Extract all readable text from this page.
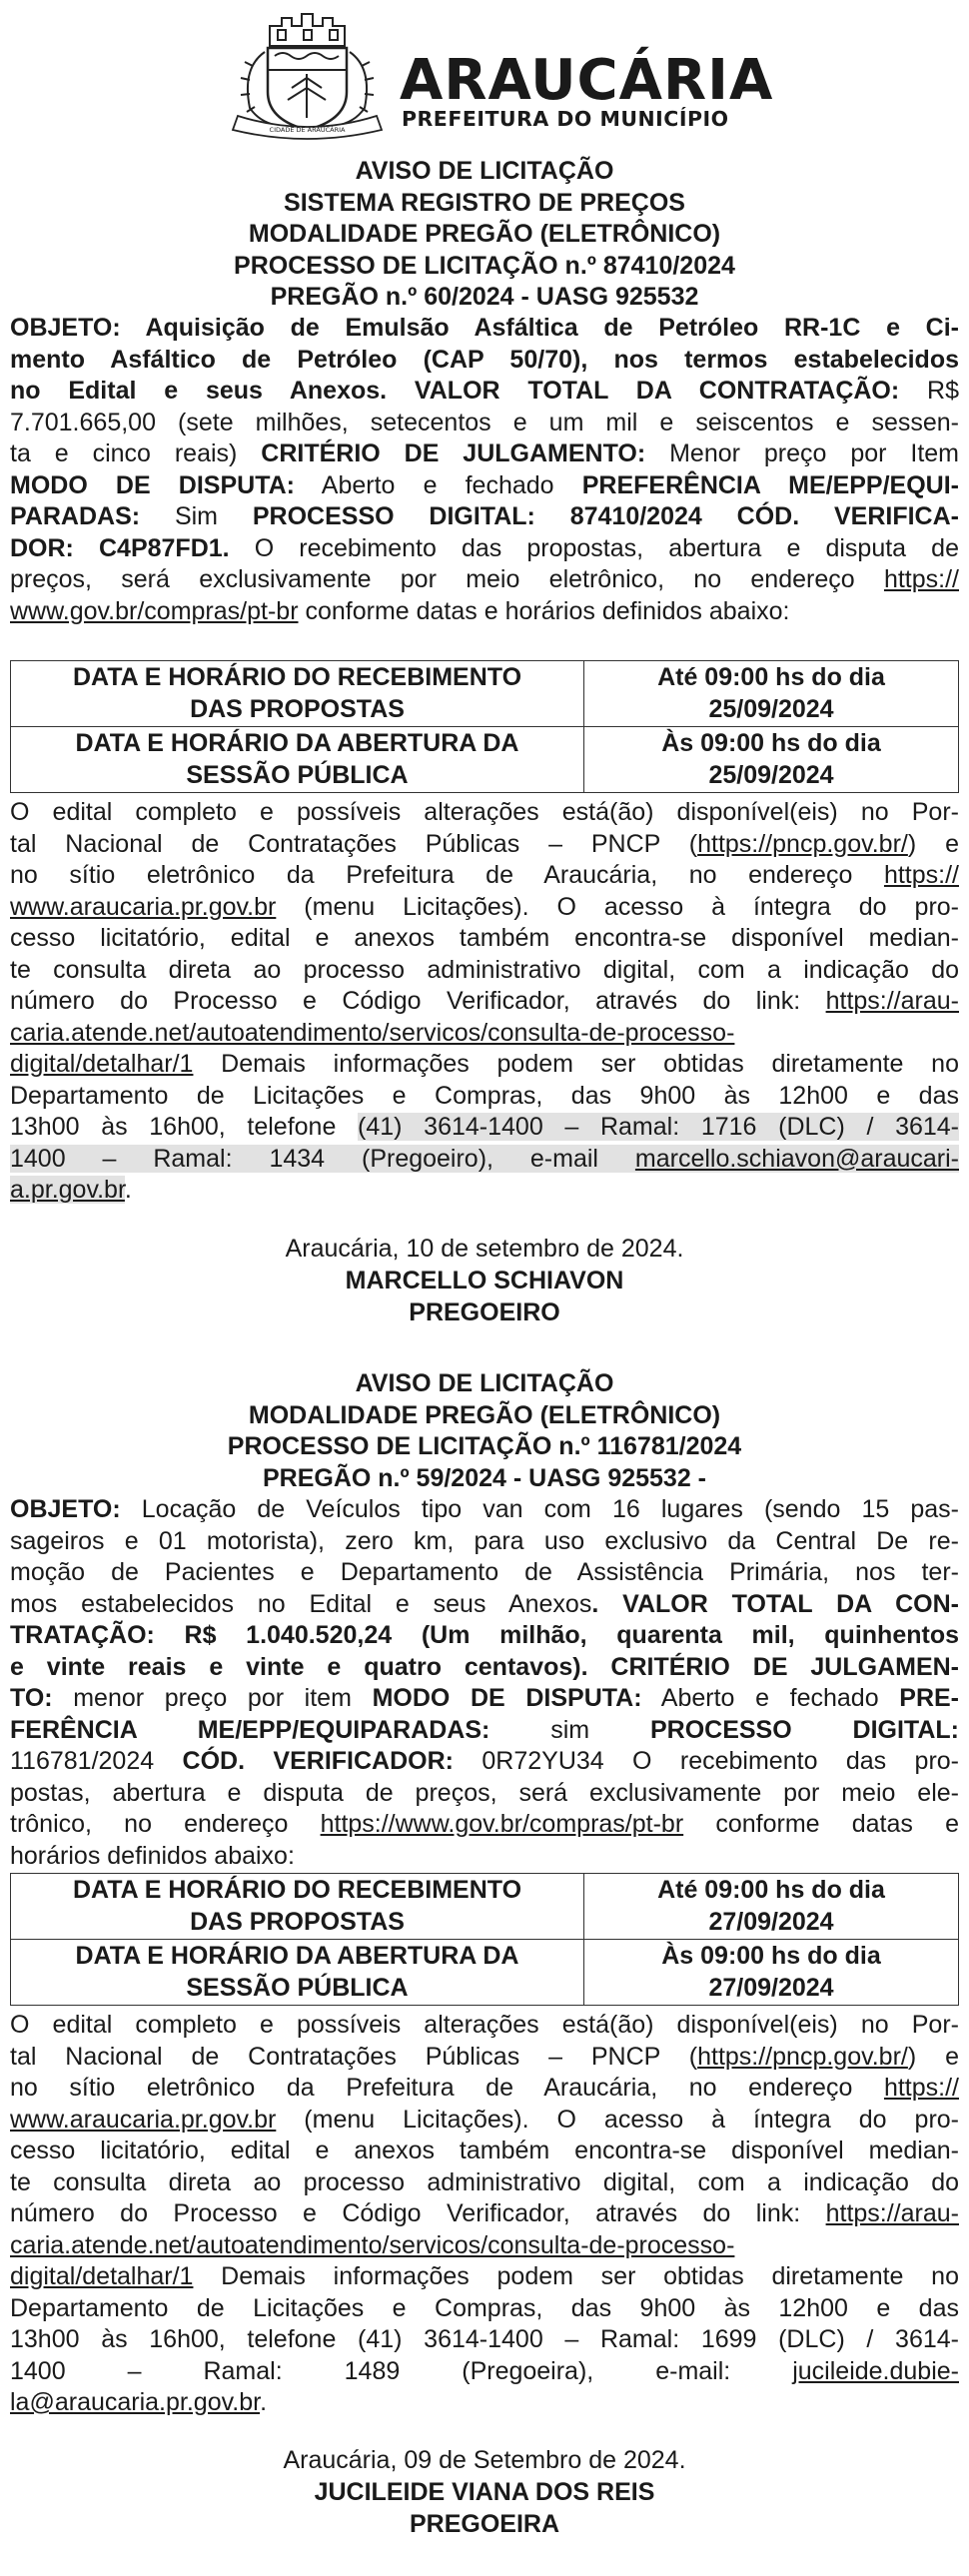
CIDADE DE ARAUCÁRIA
ARAUCÁRIA
PREFEITURA DO MUNICÍPIO
AVISO DE LICITAÇÃO
SISTEMA REGISTRO DE PREÇOS
MODALIDADE PREGÃO (ELETRÔNICO)
PROCESSO DE LICITAÇÃO n.º 87410/2024
PREGÃO n.º 60/2024 - UASG 925532
OBJETO: Aquisição de Emulsão Asfáltica de Petróleo RR-1C e Ci-
mento Asfáltico de Petróleo (CAP 50/70), nos termos estabelecidos
no Edital e seus Anexos. VALOR TOTAL DA CONTRATAÇÃO: R$
7.701.665,00 (sete milhões, setecentos e um mil e seiscentos e sessen-
ta e cinco reais) CRITÉRIO DE JULGAMENTO: Menor preço por Item
MODO DE DISPUTA: Aberto e fechado PREFERÊNCIA ME/EPP/EQUI-
PARADAS: Sim PROCESSO DIGITAL: 87410/2024 CÓD. VERIFICA-
DOR: C4P87FD1. O recebimento das propostas, abertura e disputa de
preços, será exclusivamente por meio eletrônico, no endereço https://
www.gov.br/compras/pt-br conforme datas e horários definidos abaixo:
DATA E HORÁRIO DO RECEBIMENTO
DAS PROPOSTAS	Até 09:00 hs do dia
25/09/2024
DATA E HORÁRIO DA ABERTURA DA
SESSÃO PÚBLICA	Às 09:00 hs do dia
25/09/2024
O edital completo e possíveis alterações está(ão) disponível(eis) no Por-
tal Nacional de Contratações Públicas – PNCP (https://pncp.gov.br/) e
no sítio eletrônico da Prefeitura de Araucária, no endereço https://
www.araucaria.pr.gov.br (menu Licitações). O acesso à íntegra do pro-
cesso licitatório, edital e anexos também encontra-se disponível median-
te consulta direta ao processo administrativo digital, com a indicação do
número do Processo e Código Verificador, através do link: https://arau-
caria.atende.net/autoatendimento/servicos/consulta-de-processo-
digital/detalhar/1 Demais informações podem ser obtidas diretamente no
Departamento de Licitações e Compras, das 9h00 às 12h00 e das
13h00 às 16h00, telefone (41) 3614-1400 – Ramal: 1716 (DLC) / 3614-
1400 – Ramal: 1434 (Pregoeiro), e-mail marcello.schiavon@araucari-
a.pr.gov.br.
Araucária, 10 de setembro de 2024.
MARCELLO SCHIAVON
PREGOEIRO
AVISO DE LICITAÇÃO
MODALIDADE PREGÃO (ELETRÔNICO)
PROCESSO DE LICITAÇÃO n.º 116781/2024
PREGÃO n.º 59/2024 - UASG 925532 -
OBJETO: Locação de Veículos tipo van com 16 lugares (sendo 15 pas-
sageiros e 01 motorista), zero km, para uso exclusivo da Central De re-
moção de Pacientes e Departamento de Assistência Primária, nos ter-
mos estabelecidos no Edital e seus Anexos. VALOR TOTAL DA CON-
TRATAÇÃO: R$ 1.040.520,24 (Um milhão, quarenta mil, quinhentos
e vinte reais e vinte e quatro centavos). CRITÉRIO DE JULGAMEN-
TO: menor preço por item MODO DE DISPUTA: Aberto e fechado PRE-
FERÊNCIA ME/EPP/EQUIPARADAS: sim PROCESSO DIGITAL:
116781/2024 CÓD. VERIFICADOR: 0R72YU34 O recebimento das pro-
postas, abertura e disputa de preços, será exclusivamente por meio ele-
trônico, no endereço https://www.gov.br/compras/pt-br conforme datas e
horários definidos abaixo:
DATA E HORÁRIO DO RECEBIMENTO
DAS PROPOSTAS	Até 09:00 hs do dia
27/09/2024
DATA E HORÁRIO DA ABERTURA DA
SESSÃO PÚBLICA	Às 09:00 hs do dia
27/09/2024
O edital completo e possíveis alterações está(ão) disponível(eis) no Por-
tal Nacional de Contratações Públicas – PNCP (https://pncp.gov.br/) e
no sítio eletrônico da Prefeitura de Araucária, no endereço https://
www.araucaria.pr.gov.br (menu Licitações). O acesso à íntegra do pro-
cesso licitatório, edital e anexos também encontra-se disponível median-
te consulta direta ao processo administrativo digital, com a indicação do
número do Processo e Código Verificador, através do link: https://arau-
caria.atende.net/autoatendimento/servicos/consulta-de-processo-
digital/detalhar/1 Demais informações podem ser obtidas diretamente no
Departamento de Licitações e Compras, das 9h00 às 12h00 e das
13h00 às 16h00, telefone (41) 3614-1400 – Ramal: 1699 (DLC) / 3614-
1400 – Ramal: 1489 (Pregoeira), e-mail: jucileide.dubie-
la@araucaria.pr.gov.br.
Araucária, 09 de Setembro de 2024.
JUCILEIDE VIANA DOS REIS
PREGOEIRA
